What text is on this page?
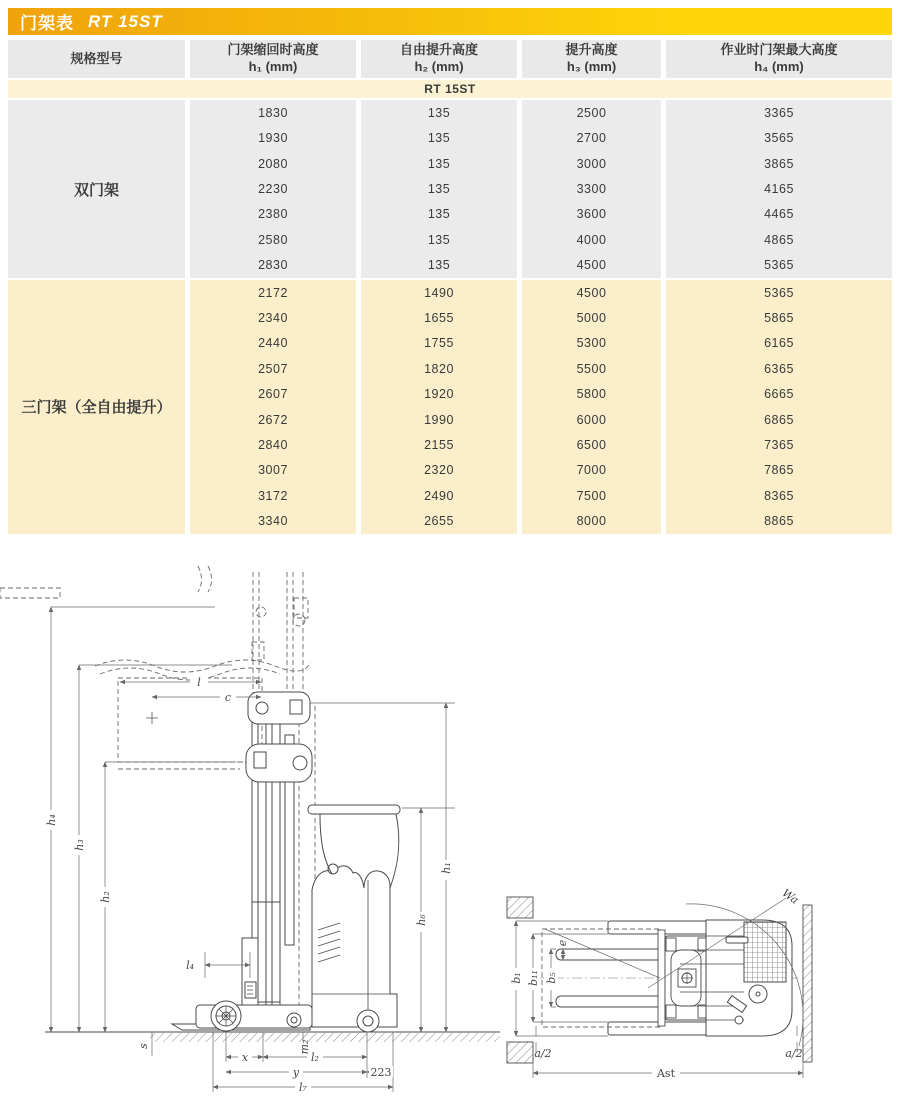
门架表 RT 15ST
规格型号
门架缩回时高度
h₁ (mm)
自由提升高度
h₂ (mm)
提升高度
h₃ (mm)
作业时门架最大高度
h₄ (mm)
RT 15ST
双门架
1830	135	2500	3365
1930	135	2700	3565
2080	135	3000	3865
2230	135	3300	4165
2380	135	3600	4465
2580	135	4000	4865
2830	135	4500	5365
三门架（全自由提升）
2172	1490	4500	5365
2340	1655	5000	5865
2440	1755	5300	6165
2507	1820	5500	6365
2607	1920	5800	6665
2672	1990	6000	6865
2840	2155	6500	7365
3007	2320	7000	7865
3172	2490	7500	8365
3340	2655	8000	8865
h₄
h₃
h₂
h₁
h₆
l
c
l₄
s	m₂
x	l₂
y	223
l₇
b₁ b₁₁ b₅
e
a/2	a/2
Ast
Wa
